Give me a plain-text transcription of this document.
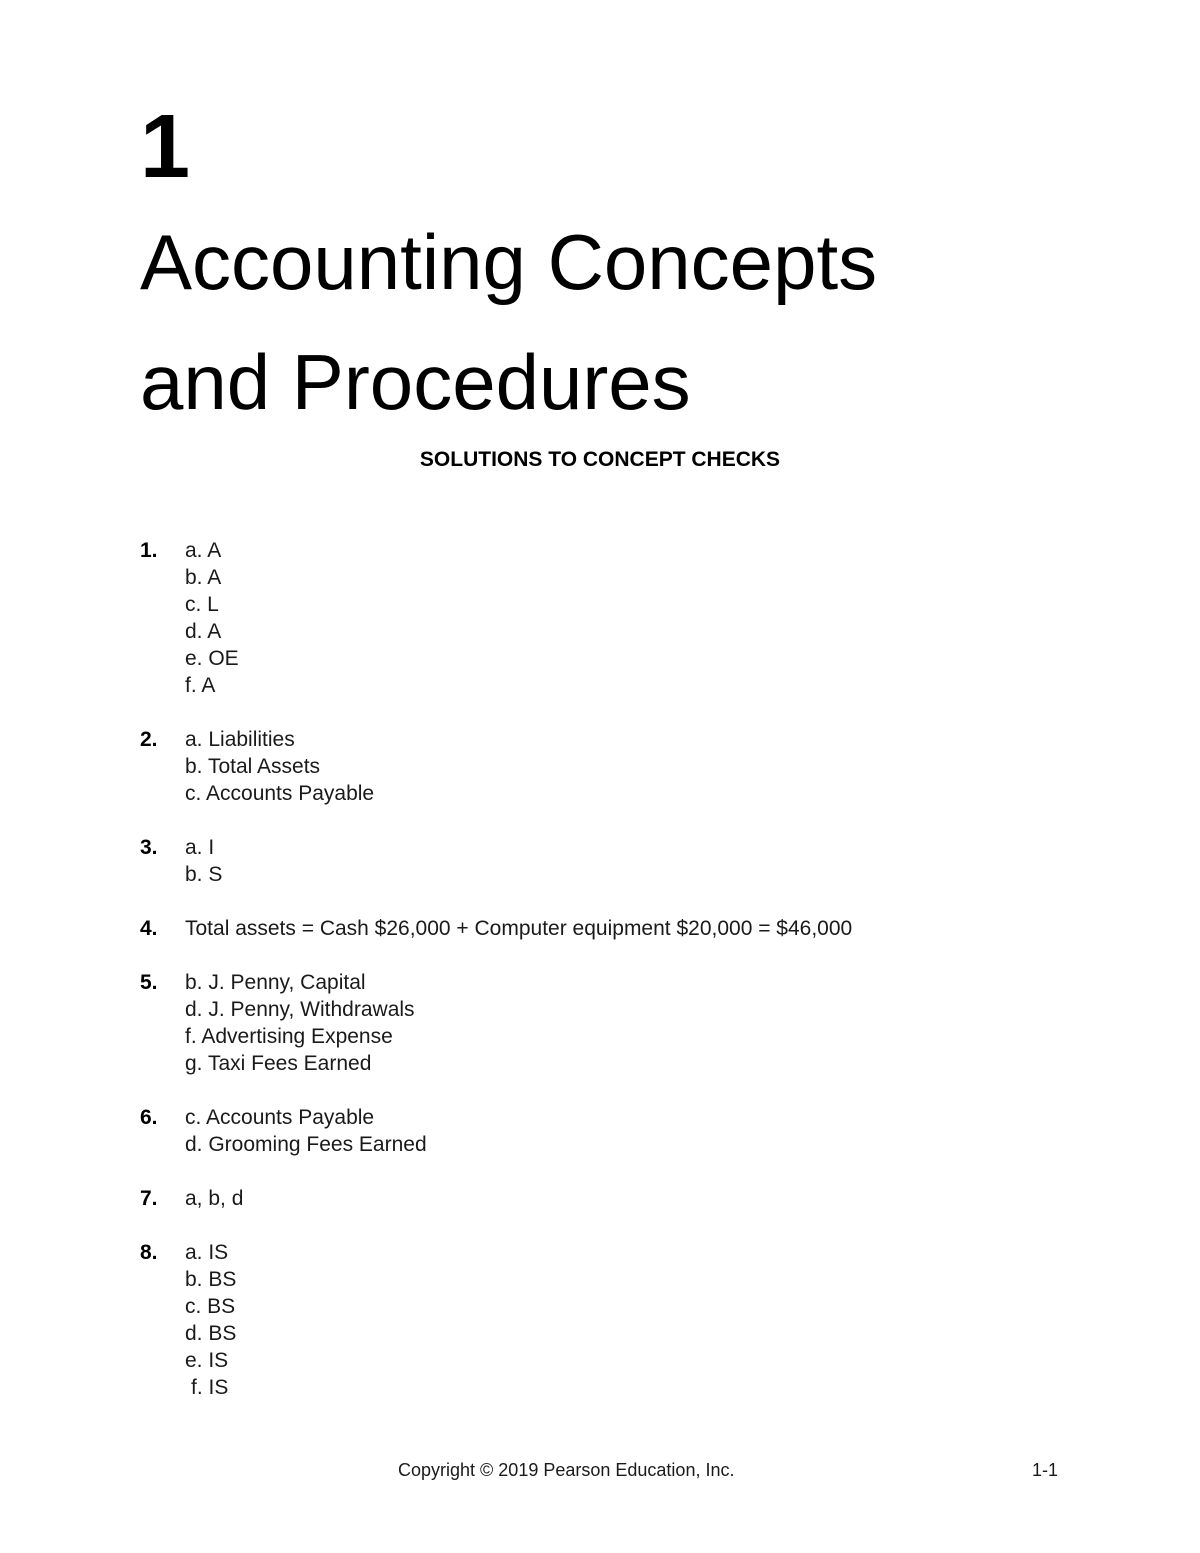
1
Accounting Concepts
and Procedures
SOLUTIONS TO CONCEPT CHECKS
1. a. A
b. A
c. L
d. A
e. OE
f. A
2. a. Liabilities
b. Total Assets
c. Accounts Payable
3. a. I
b. S
4. Total assets = Cash $26,000 + Computer equipment $20,000 = $46,000
5. b. J. Penny, Capital
d. J. Penny, Withdrawals
f. Advertising Expense
g. Taxi Fees Earned
6. c. Accounts Payable
d. Grooming Fees Earned
7. a, b, d
8. a. IS
b. BS
c. BS
d. BS
e. IS
f. IS
Copyright © 2019 Pearson Education, Inc.	1-1
